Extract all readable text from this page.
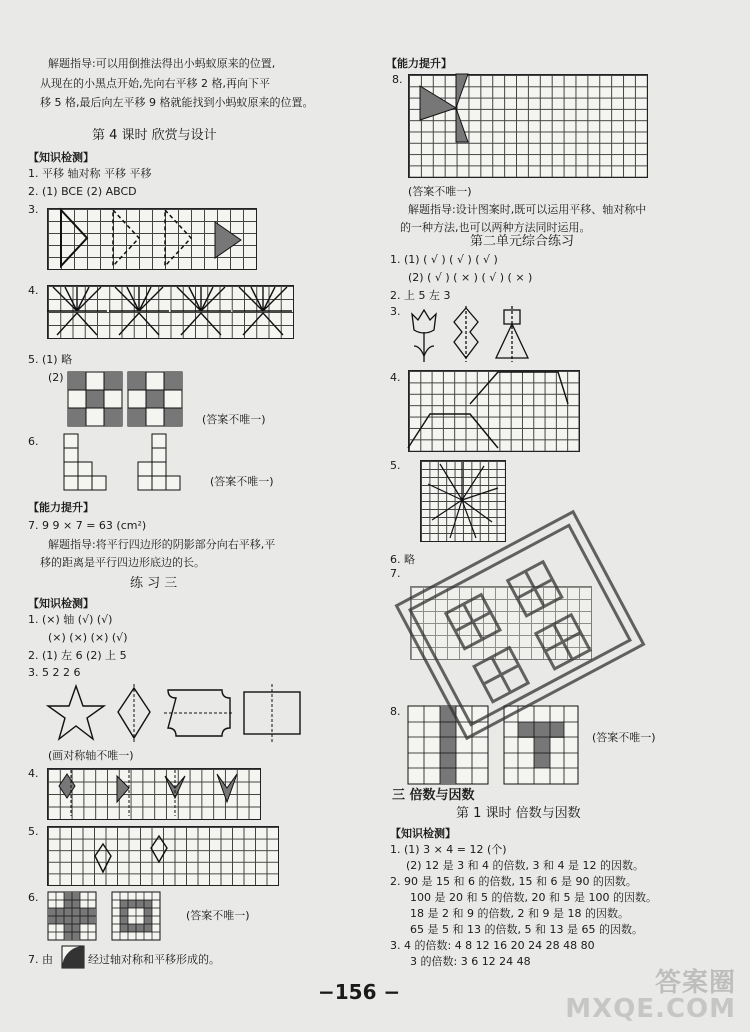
解题指导:可以用倒推法得出小蚂蚁原来的位置,
从现在的小黑点开始,先向右平移 2 格,再向下平
移 5 格,最后向左平移 9 格就能找到小蚂蚁原来的位置。
第 4 课时 欣赏与设计
【知识检测】
1. 平移 轴对称 平移 平移
2. (1) BCE (2) ABCD
3.
4.
5. (1) 略
(2)
(答案不唯一)
6.
(答案不唯一)
【能力提升】
7. 9 9 × 7 = 63 (cm²)
解题指导:将平行四边形的阴影部分向右平移,平
移的距离是平行四边形底边的长。
练 习 三
【知识检测】
1. (×) 轴 (√) (√)
(×) (×) (×) (√)
2. (1) 左 6 (2) 上 5
3. 5 2 2 6
(画对称轴不唯一)
4.
5.
6.
(答案不唯一)
7. 由	经过轴对称和平移形成的。
【能力提升】
8.
(答案不唯一)
解题指导:设计图案时,既可以运用平移、轴对称中
的一种方法,也可以两种方法同时运用。
第二单元综合练习
1. (1) ( √ ) ( √ ) ( √ )
(2) ( √ ) ( × ) ( √ ) ( × )
2. 上 5 左 3
3.
4.
5.
6. 略
7.
8.
(答案不唯一)
三 倍数与因数
第 1 课时 倍数与因数
【知识检测】
1. (1) 3 × 4 = 12 (个)
(2) 12 是 3 和 4 的倍数, 3 和 4 是 12 的因数。
2. 90 是 15 和 6 的倍数, 15 和 6 是 90 的因数。
100 是 20 和 5 的倍数, 20 和 5 是 100 的因数。
18 是 2 和 9 的倍数, 2 和 9 是 18 的因数。
65 是 5 和 13 的倍数, 5 和 13 是 65 的因数。
3. 4 的倍数: 4 8 12 16 20 24 28 48 80
3 的倍数: 3 6 12 24 48
−156 −	答案圈
MXQE.COM
